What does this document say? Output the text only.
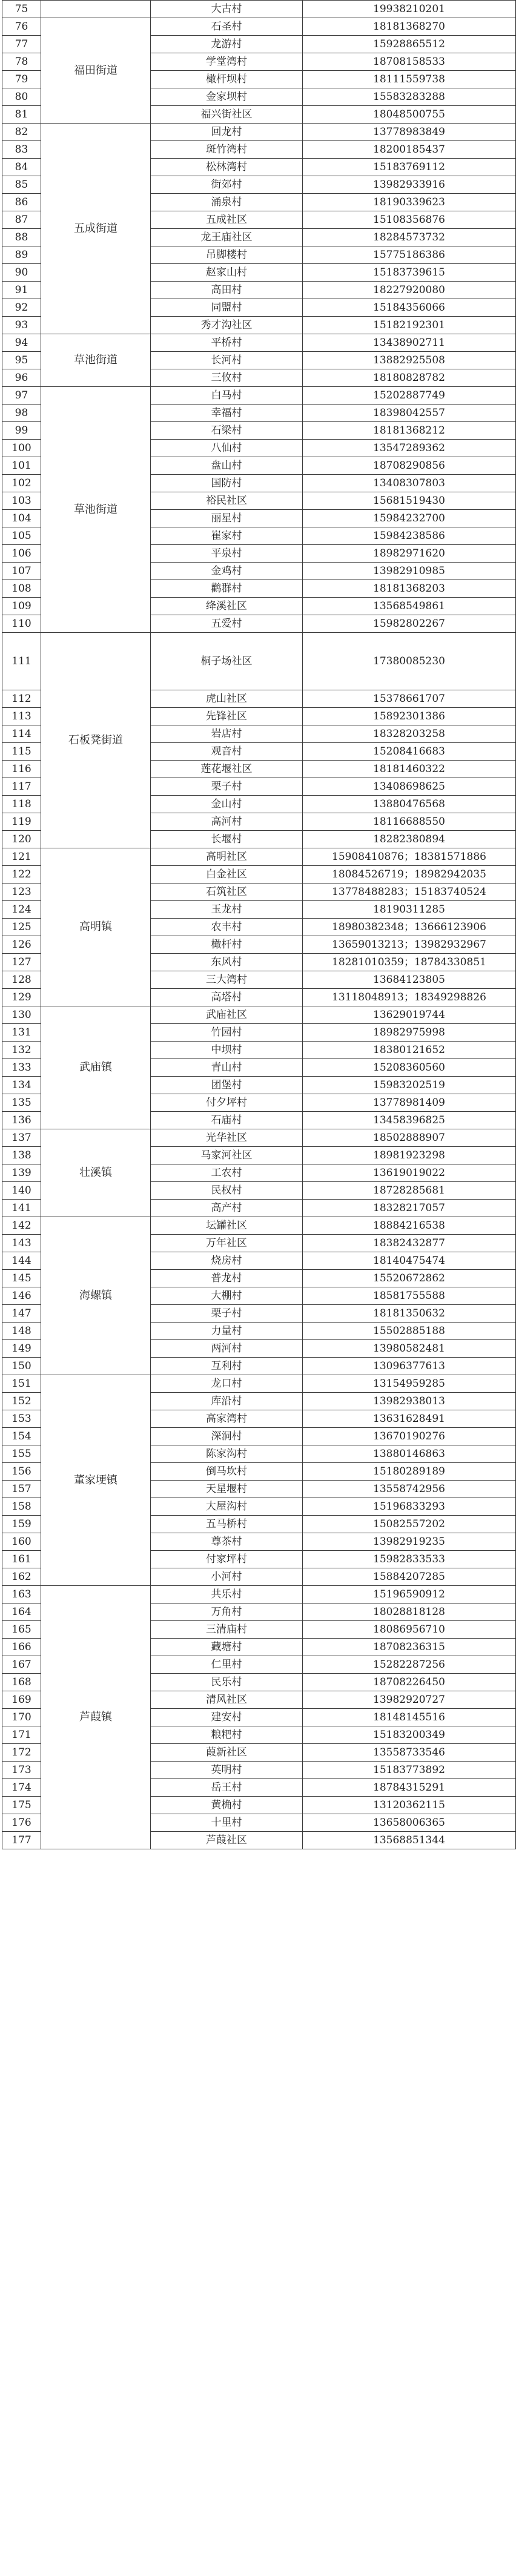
75		大古村	19938210201
76	福田街道	石圣村	18181368270
77		龙游村	15928865512
78		学堂湾村	18708158533
79		橄杆坝村	18111559738
80		金家坝村	15583283288
81		福兴街社区	18048500755
82	五成街道	回龙村	13778983849
83		斑竹湾村	18200185437
84		松林湾村	15183769112
85		街郊村	13982933916
86		涌泉村	18190339623
87		五成社区	15108356876
88		龙王庙社区	18284573732
89		吊脚楼村	15775186386
90		赵家山村	15183739615
91		高田村	18227920080
92		同盟村	15184356066
93		秀才沟社区	15182192301
94	草池街道	平桥村	13438902711
95		长河村	13882925508
96		三攸村	18180828782
97	草池街道	白马村	15202887749
98		幸福村	18398042557
99		石梁村	18181368212
100		八仙村	13547289362
101		盘山村	18708290856
102		国防村	13408307803
103		裕民社区	15681519430
104		丽星村	15984232700
105		崔家村	15984238586
106		平泉村	18982971620
107		金鸡村	13982910985
108		鹳群村	18181368203
109		绛溪社区	13568549861
110		五爱村	15982802267
111	石板凳街道	桐子场社区	17380085230
112		虎山社区	15378661707
113		先锋社区	15892301386
114		岩店村	18328203258
115		观音村	15208416683
116		莲花堰社区	18181460322
117		栗子村	13408698625
118		金山村	13880476568
119		高河村	18116688550
120		长堰村	18282380894
121	高明镇	高明社区	15908410876；18381571886
122		白金社区	18084526719；18982942035
123		石筑社区	13778488283；15183740524
124		玉龙村	18190311285
125		农丰村	18980382348；13666123906
126		橄杆村	13659013213；13982932967
127		东风村	18281010359；18784330851
128		三大湾村	13684123805
129		高塔村	13118048913；18349298826
130	武庙镇	武庙社区	13629019744
131		竹园村	18982975998
132		中坝村	18380121652
133		青山村	15208360560
134		团堡村	15983202519
135		付夕坪村	13778981409
136		石庙村	13458396825
137	壮溪镇	光华社区	18502888907
138		马家河社区	18981923298
139		工农村	13619019022
140		民权村	18728285681
141		高产村	18328217057
142	海螺镇	坛罐社区	18884216538
143		万年社区	18382432877
144		烧房村	18140475474
145		普龙村	15520672862
146		大棚村	18581755588
147		栗子村	18181350632
148		力量村	15502885188
149		两河村	13980582481
150		互利村	13096377613
151	董家埂镇	龙口村	13154959285
152		库沿村	13982938013
153		高家湾村	13631628491
154		深洞村	13670190276
155		陈家沟村	13880146863
156		倒马坎村	15180289189
157		天星堰村	13558742956
158		大屋沟村	15196833293
159		五马桥村	15082557202
160		尊茶村	13982919235
161		付家坪村	15982833533
162		小河村	15884207285
163	芦葭镇	共乐村	15196590912
164		万角村	18028818128
165		三清庙村	18086956710
166		藏塘村	18708236315
167		仁里村	15282287256
168		民乐村	18708226450
169		清风社区	13982920727
170		建安村	18148145516
171		粮粑村	15183200349
172		葭新社区	13558733546
173		英明村	15183773892
174		岳王村	18784315291
175		黄桷村	13120362115
176		十里村	13658006365
177		芦葭社区	13568851344
